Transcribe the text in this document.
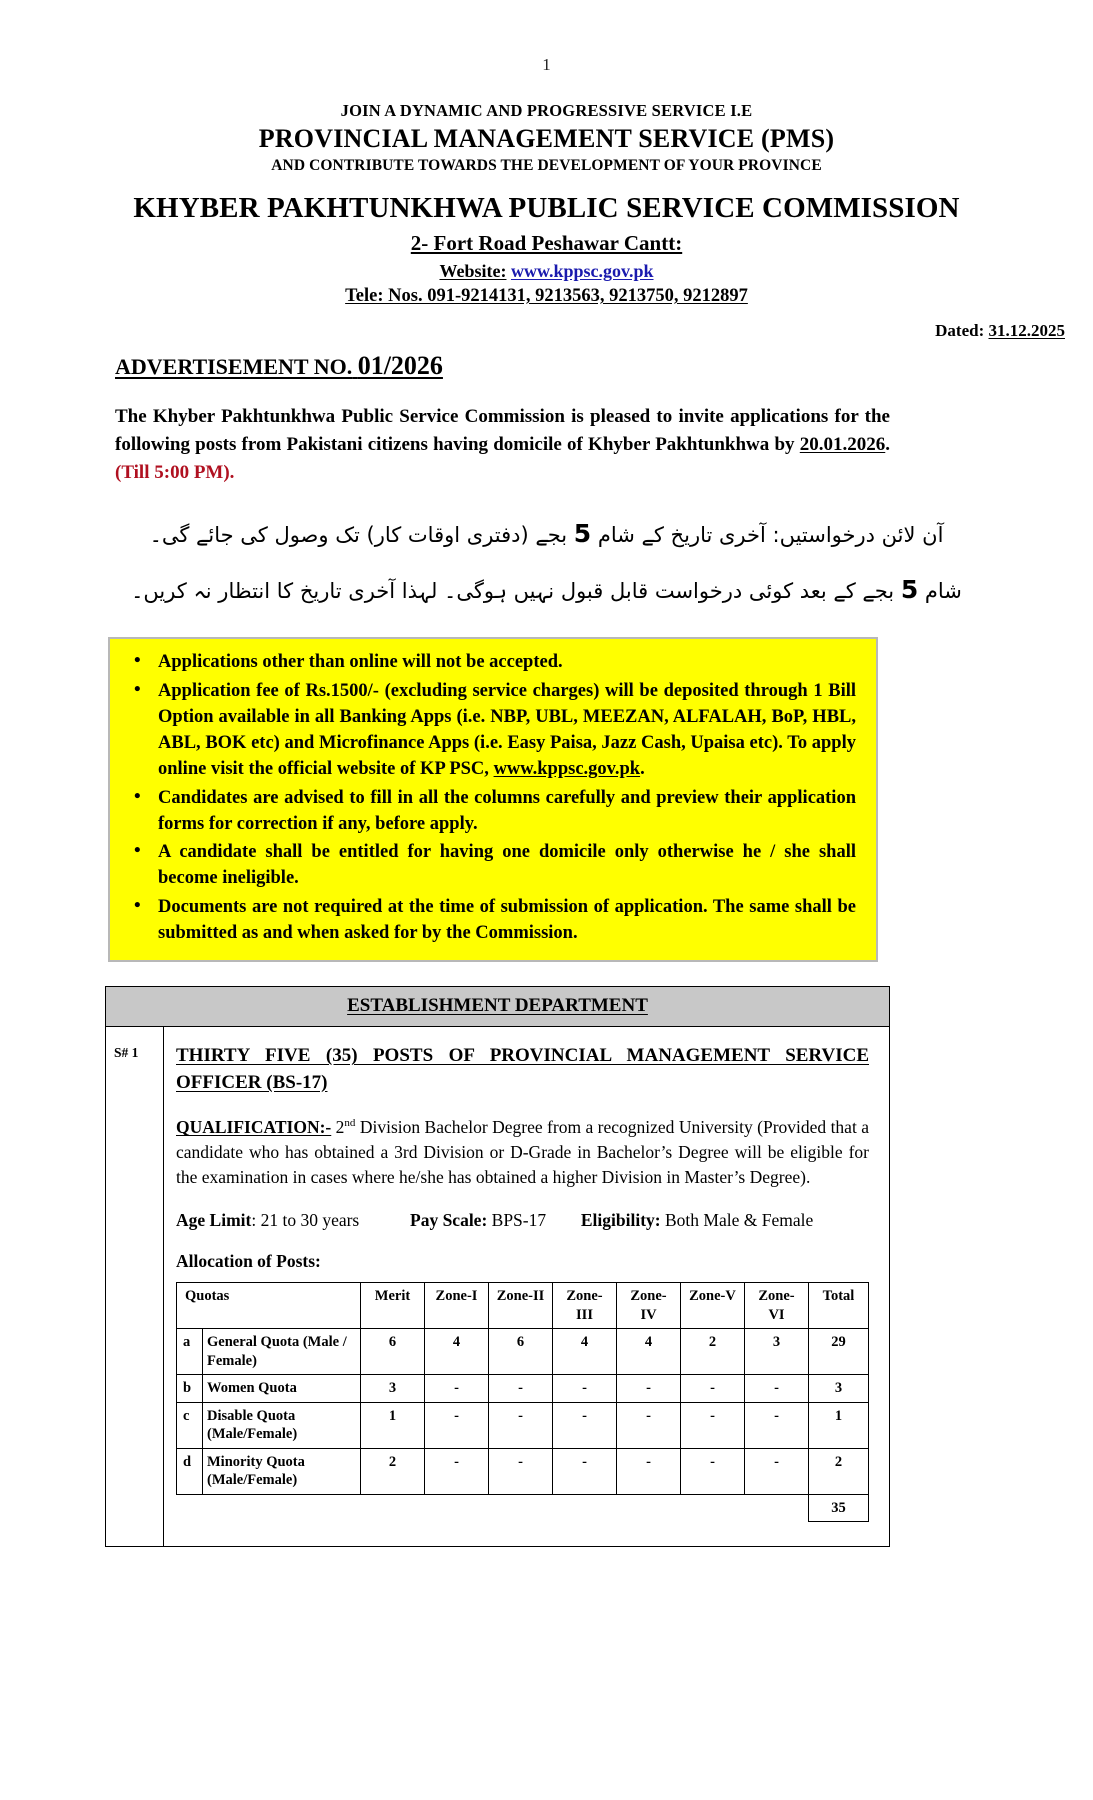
1
JOIN A DYNAMIC AND PROGRESSIVE SERVICE I.E
PROVINCIAL MANAGEMENT SERVICE (PMS)
AND CONTRIBUTE TOWARDS THE DEVELOPMENT OF YOUR PROVINCE
KHYBER PAKHTUNKHWA PUBLIC SERVICE COMMISSION
2- Fort Road Peshawar Cantt:
Website: www.kppsc.gov.pk
Tele: Nos. 091-9214131, 9213563, 9213750, 9212897
Dated: 31.12.2025
ADVERTISEMENT NO. 01/2026
The Khyber Pakhtunkhwa Public Service Commission is pleased to invite applications for the following posts from Pakistani citizens having domicile of Khyber Pakhtunkhwa by 20.01.2026. (Till 5:00 PM).
آن لائن درخواستیں: آخری تاریخ کے شام 5 بجے (دفتری اوقات کار) تک وصول کی جائے گی۔
شام 5 بجے کے بعد کوئی درخواست قابل قبول نہیں ہوگی۔ لہذا آخری تاریخ کا انتظار نہ کریں۔
• Applications other than online will not be accepted.
• Application fee of Rs.1500/- (excluding service charges) will be deposited through 1 Bill Option available in all Banking Apps (i.e. NBP, UBL, MEEZAN, ALFALAH, BoP, HBL, ABL, BOK etc) and Microfinance Apps (i.e. Easy Paisa, Jazz Cash, Upaisa etc). To apply online visit the official website of KP PSC, www.kppsc.gov.pk.
• Candidates are advised to fill in all the columns carefully and preview their application forms for correction if any, before apply.
• A candidate shall be entitled for having one domicile only otherwise he / she shall become ineligible.
• Documents are not required at the time of submission of application. The same shall be submitted as and when asked for by the Commission.
ESTABLISHMENT DEPARTMENT
S# 1	THIRTY FIVE (35) POSTS OF PROVINCIAL MANAGEMENT SERVICE OFFICER (BS-17)
QUALIFICATION:- 2nd Division Bachelor Degree from a recognized University (Provided that a candidate who has obtained a 3rd Division or D-Grade in Bachelor’s Degree will be eligible for the examination in cases where he/she has obtained a higher Division in Master’s Degree).
Age Limit: 21 to 30 years	Pay Scale: BPS-17 Eligibility: Both Male & Female
Allocation of Posts:
Quotas		Merit	Zone-I	Zone-II	Zone-III	Zone-IV	Zone-V	Zone-VI	Total
a	General Quota (Male / Female)	6	4	6	4	4	2	3	29
b	Women Quota	3	-	-	-	-	-	-	3
c	Disable Quota (Male/Female)	1	-	-	-	-	-	-	1
d	Minority Quota (Male/Female)	2	-	-	-	-	-	-	2
									35
